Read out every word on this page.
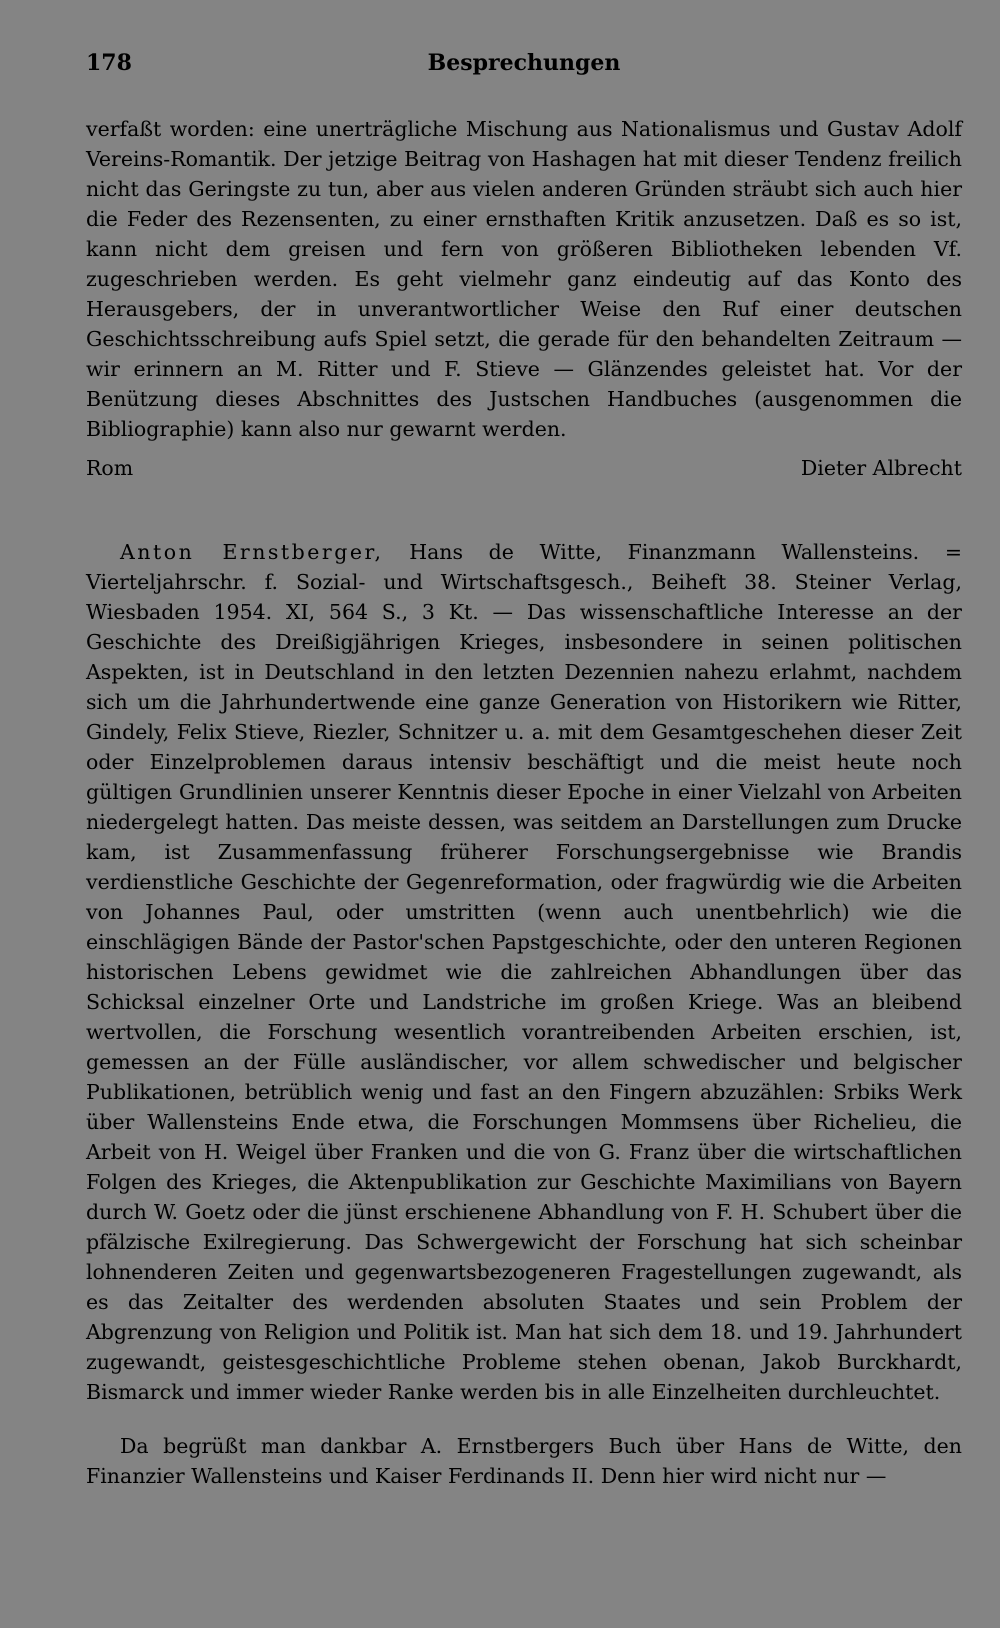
178	Besprechungen

verfaßt worden: eine unerträgliche Mischung aus Nationalismus und Gustav Adolf Vereins-Romantik. Der jetzige Beitrag von Hashagen hat mit dieser Tendenz freilich nicht das Geringste zu tun, aber aus vielen anderen Gründen sträubt sich auch hier die Feder des Rezensenten, zu einer ernsthaften Kritik anzusetzen. Daß es so ist, kann nicht dem greisen und fern von größeren Bibliotheken lebenden Vf. zugeschrieben werden. Es geht vielmehr ganz eindeutig auf das Konto des Herausgebers, der in unverantwortlicher Weise den Ruf einer deutschen Geschichtsschreibung aufs Spiel setzt, die gerade für den behandelten Zeitraum — wir erinnern an M. Ritter und F. Stieve — Glänzendes geleistet hat. Vor der Benützung dieses Abschnittes des Justschen Handbuches (ausgenommen die Bibliographie) kann also nur gewarnt werden.

Rom	Dieter Albrecht

Anton Ernstberger, Hans de Witte, Finanzmann Wallensteins. = Vierteljahrschr. f. Sozial- und Wirtschaftsgesch., Beiheft 38. Steiner Verlag, Wiesbaden 1954. XI, 564 S., 3 Kt. — Das wissenschaftliche Interesse an der Geschichte des Dreißigjährigen Krieges, insbesondere in seinen politischen Aspekten, ist in Deutschland in den letzten Dezennien nahezu erlahmt, nachdem sich um die Jahrhundertwende eine ganze Generation von Historikern wie Ritter, Gindely, Felix Stieve, Riezler, Schnitzer u. a. mit dem Gesamtgeschehen dieser Zeit oder Einzelproblemen daraus intensiv beschäftigt und die meist heute noch gültigen Grundlinien unserer Kenntnis dieser Epoche in einer Vielzahl von Arbeiten niedergelegt hatten. Das meiste dessen, was seitdem an Darstellungen zum Drucke kam, ist Zusammenfassung früherer Forschungsergebnisse wie Brandis verdienstliche Geschichte der Gegenreformation, oder fragwürdig wie die Arbeiten von Johannes Paul, oder umstritten (wenn auch unentbehrlich) wie die einschlägigen Bände der Pastor'schen Papstgeschichte, oder den unteren Regionen historischen Lebens gewidmet wie die zahlreichen Abhandlungen über das Schicksal einzelner Orte und Landstriche im großen Kriege. Was an bleibend wertvollen, die Forschung wesentlich vorantreibenden Arbeiten erschien, ist, gemessen an der Fülle ausländischer, vor allem schwedischer und belgischer Publikationen, betrüblich wenig und fast an den Fingern abzuzählen: Srbiks Werk über Wallensteins Ende etwa, die Forschungen Mommsens über Richelieu, die Arbeit von H. Weigel über Franken und die von G. Franz über die wirtschaftlichen Folgen des Krieges, die Aktenpublikation zur Geschichte Maximilians von Bayern durch W. Goetz oder die jünst erschienene Abhandlung von F. H. Schubert über die pfälzische Exilregierung. Das Schwergewicht der Forschung hat sich scheinbar lohnenderen Zeiten und gegenwartsbezogeneren Fragestellungen zugewandt, als es das Zeitalter des werdenden absoluten Staates und sein Problem der Abgrenzung von Religion und Politik ist. Man hat sich dem 18. und 19. Jahrhundert zugewandt, geistesgeschichtliche Probleme stehen obenan, Jakob Burckhardt, Bismarck und immer wieder Ranke werden bis in alle Einzelheiten durchleuchtet.

Da begrüßt man dankbar A. Ernstbergers Buch über Hans de Witte, den Finanzier Wallensteins und Kaiser Ferdinands II. Denn hier wird nicht nur —
